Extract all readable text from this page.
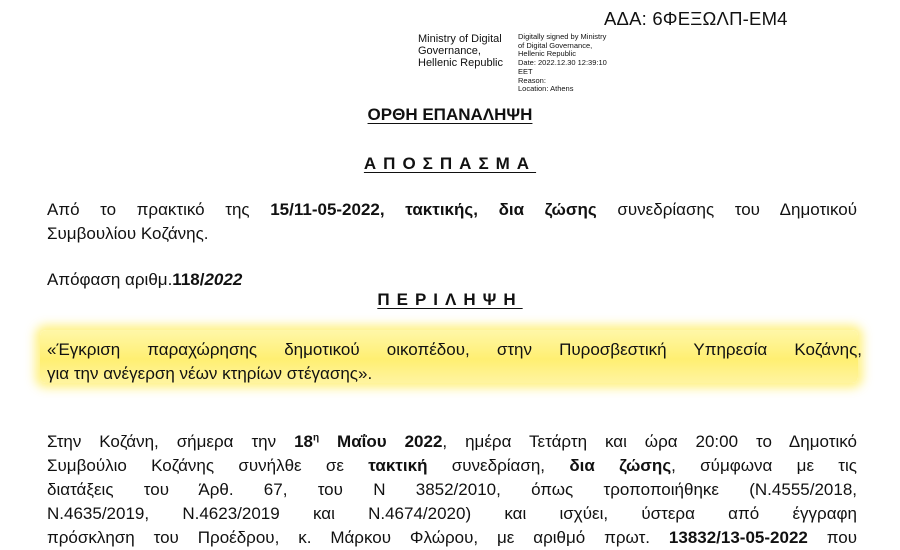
Ministry of Digital
Governance,
Hellenic Republic
Digitally signed by Ministry
of Digital Governance,
Hellenic Republic
Date: 2022.12.30 12:39:10
EET
Reason:
Location: Athens
ΑΔΑ: 6ΦΕΞΩΛΠ-ΕΜ4
ΟΡΘΗ ΕΠΑΝΑΛΗΨΗ
ΑΠΟΣΠΑΣΜΑ
Από το πρακτικό της 15/11-05-2022, τακτικής, δια ζώσης συνεδρίασης του Δημοτικού
Συμβουλίου Κοζάνης.
Απόφαση αριθμ.118/2022
ΠΕΡΙΛΗΨΗ
«Έγκριση παραχώρησης δημοτικού οικοπέδου, στην Πυροσβεστική Υπηρεσία Κοζάνης,
για την ανέγερση νέων κτηρίων στέγασης».
Στην Κοζάνη, σήμερα την $18^\eta$ Μαΐου 2022, ημέρα Τετάρτη και ώρα 20:00 το Δημοτικό
Συμβούλιο Κοζάνης συνήλθε σε τακτική συνεδρίαση, δια ζώσης, σύμφωνα με τις
διατάξεις του Άρθ. 67, του Ν 3852/2010, όπως τροποποιήθηκε (Ν.4555/2018,
Ν.4635/2019, Ν.4623/2019 και Ν.4674/2020) και ισχύει, ύστερα από έγγραφη
πρόσκληση του Προέδρου, κ. Μάρκου Φλώρου, με αριθμό πρωτ. 13832/13-05-2022 που
